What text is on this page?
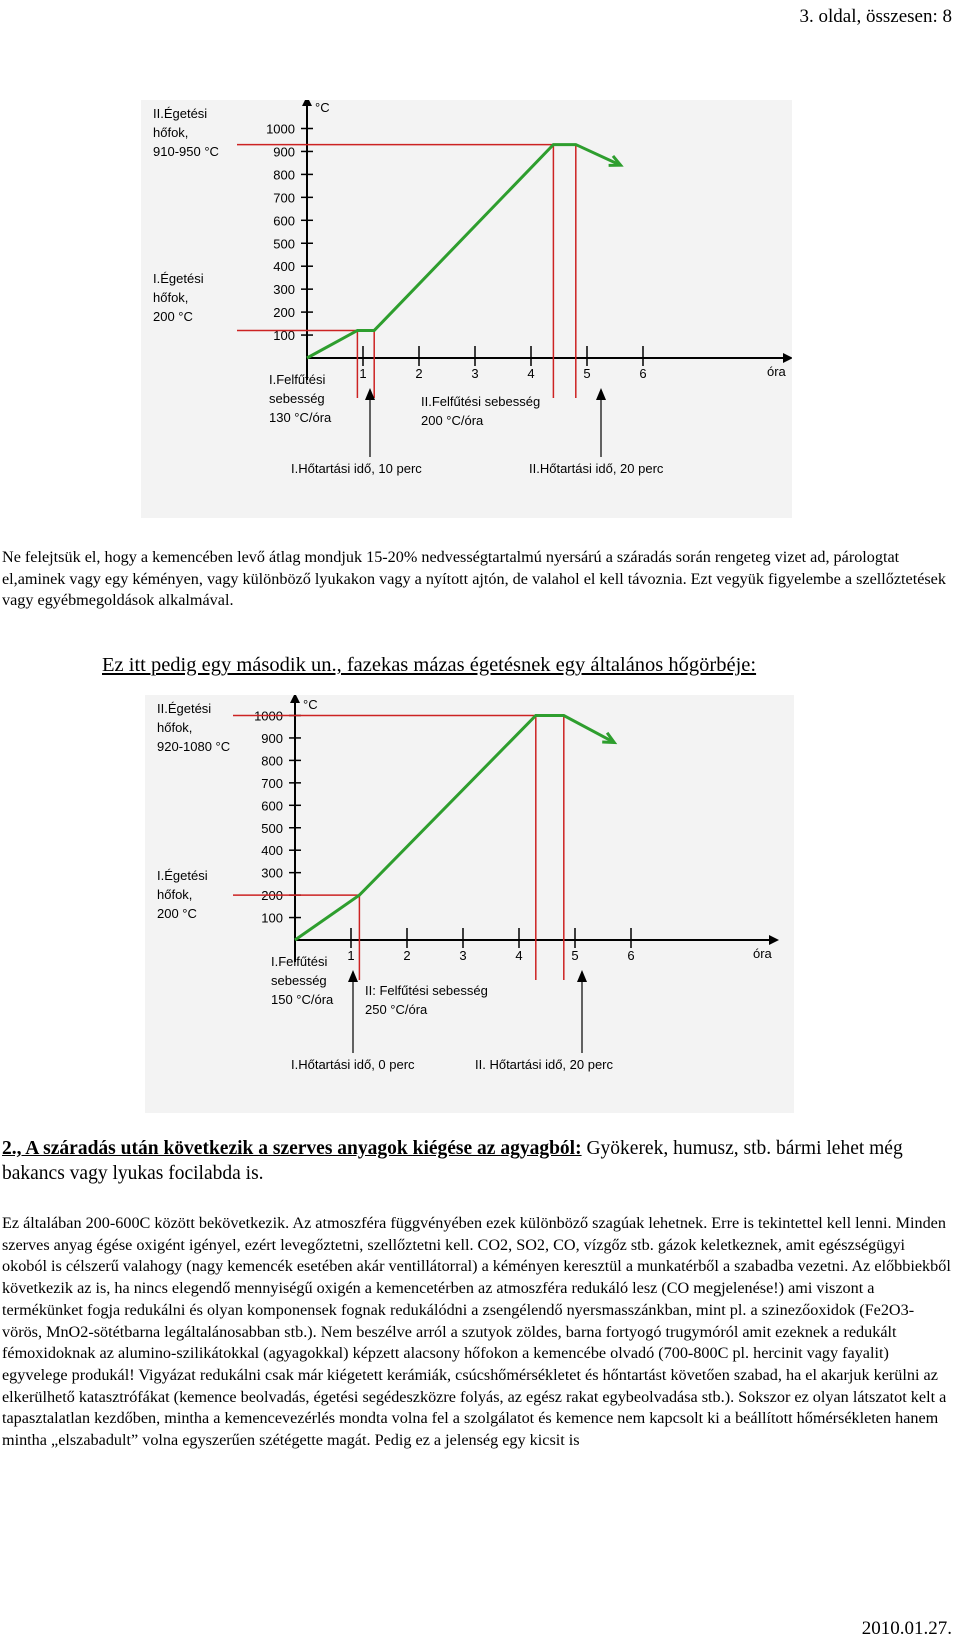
3. oldal, összesen: 8
°C
óra
100
200
300
400
500
600
700
800
900
1000
1	2	3	4	5	6
II.Égetési
hőfok,
910-950 °C
I.Égetési
hőfok,
200 °C
I.Felfűtési
sebesség
130 °C/óra
II.Felfűtési sebesség
200 °C/óra
I.Hőtartási idő, 10 perc	II.Hőtartási idő, 20 perc

Ne felejtsük el, hogy a kemencében levő átlag mondjuk 15-20% nedvességtartalmú nyersárú a száradás során rengeteg vizet ad, párologtat el,aminek vagy egy kéményen, vagy különböző lyukakon vagy a nyított ajtón, de valahol el kell távoznia. Ezt vegyük figyelembe a szellőztetések vagy egyébmegoldások alkalmával.

Ez itt pedig egy második un., fazekas mázas égetésnek egy általános hőgörbéje:

°C
óra
100
200
300
400
500
600
700
800
900
1000
1	2	3	4	5	6
II.Égetési
hőfok,
920-1080 °C
I.Égetési
hőfok,
200 °C
I.Felfűtési
sebesség
150 °C/óra
II: Felfűtési sebesség
250 °C/óra
I.Hőtartási idő, 0 perc	II. Hőtartási idő, 20 perc

2., A száradás után következik a szerves anyagok kiégése az agyagból: Gyökerek, humusz, stb. bármi lehet még bakancs vagy lyukas focilabda is.

Ez általában 200-600C között bekövetkezik. Az atmoszféra függvényében ezek különböző szagúak lehetnek. Erre is tekintettel kell lenni. Minden szerves anyag égése oxigént igényel, ezért levegőztetni, szellőztetni kell. CO2, SO2, CO, vízgőz stb. gázok keletkeznek, amit egészségügyi okoból is célszerű valahogy (nagy kemencék esetében akár ventillátorral) a kéményen keresztül a munkatérből a szabadba vezetni. Az előbbiekből következik az is, ha nincs elegendő mennyiségű oxigén a kemencetérben az atmoszféra redukáló lesz (CO megjelenése!) ami viszont a termékünket fogja redukálni és olyan komponensek fognak redukálódni a zsengélendő nyersmasszánkban, mint pl. a szinezőoxidok (Fe2O3-vörös, MnO2-sötétbarna legáltalánosabban stb.). Nem beszélve arról a szutyok zöldes, barna fortyogó trugymóról amit ezeknek a redukált fémoxidoknak az alumino-szilikátokkal (agyagokkal) képzett alacsony hőfokon a kemencébe olvadó (700-800C pl. hercinit vagy fayalit) egyvelege produkál! Vigyázat redukálni csak már kiégetett kerámiák, csúcshőmérsékletet és hőntartást követően szabad, ha el akarjuk kerülni az elkerülhető katasztrófákat (kemence beolvadás, égetési segédeszközre folyás, az egész rakat egybeolvadása stb.). Sokszor ez olyan látszatot kelt a tapasztalatlan kezdőben, mintha a kemencevezérlés mondta volna fel a szolgálatot és kemence nem kapcsolt ki a beállított hőmérsékleten hanem mintha „elszabadult” volna egyszerűen szétégette magát. Pedig ez a jelenség egy kicsit is

2010.01.27.
